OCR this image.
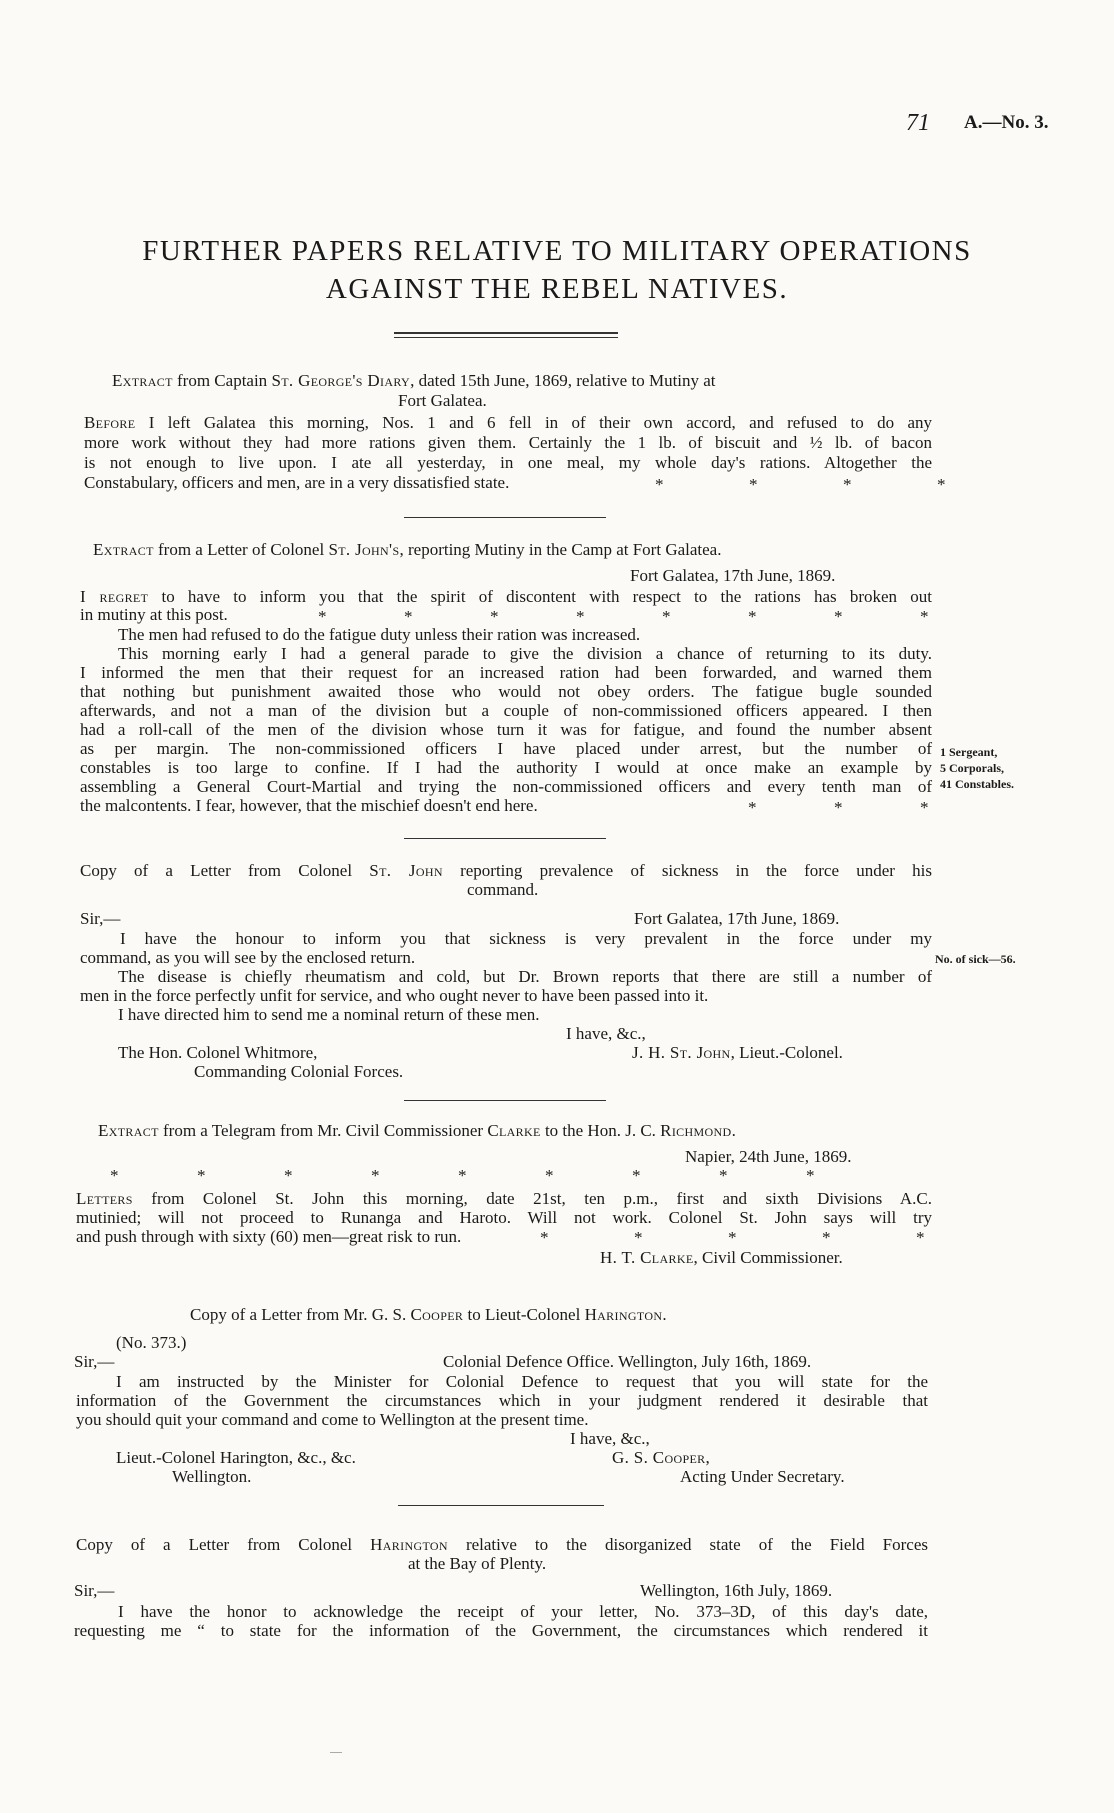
71 A.—No. 3.
FURTHER PAPERS RELATIVE TO MILITARY OPERATIONS
AGAINST THE REBEL NATIVES.
Extract from Captain St. George's Diary, dated 15th June, 1869, relative to Mutiny at
Fort Galatea.
Before I left Galatea this morning, Nos. 1 and 6 fell in of their own accord, and refused to do any
more work without they had more rations given them. Certainly the 1 lb. of biscuit and ½ lb. of bacon
is not enough to live upon. I ate all yesterday, in one meal, my whole day's rations. Altogether the
Constabulary, officers and men, are in a very dissatisfied state.	*	*	*	*
Extract from a Letter of Colonel St. John's, reporting Mutiny in the Camp at Fort Galatea.
Fort Galatea, 17th June, 1869.
I regret to have to inform you that the spirit of discontent with respect to the rations has broken out
in mutiny at this post.	*	*	*	*	*	*	*	*
The men had refused to do the fatigue duty unless their ration was increased.
This morning early I had a general parade to give the division a chance of returning to its duty.
I informed the men that their request for an increased ration had been forwarded, and warned them
that nothing but punishment awaited those who would not obey orders. The fatigue bugle sounded
afterwards, and not a man of the division but a couple of non-commissioned officers appeared. I then
had a roll-call of the men of the division whose turn it was for fatigue, and found the number absent
as per margin. The non-commissioned officers I have placed under arrest, but the number of
constables is too large to confine. If I had the authority I would at once make an example by
assembling a General Court-Martial and trying the non-commissioned officers and every tenth man of
the malcontents. I fear, however, that the mischief doesn't end here.	*	*	*
1 Sergeant,
5 Corporals,
41 Constables.
Copy of a Letter from Colonel St. John reporting prevalence of sickness in the force under his
command.
Sir,—	Fort Galatea, 17th June, 1869.
I have the honour to inform you that sickness is very prevalent in the force under my
command, as you will see by the enclosed return.	No. of sick—56.
The disease is chiefly rheumatism and cold, but Dr. Brown reports that there are still a number of
men in the force perfectly unfit for service, and who ought never to have been passed into it.
I have directed him to send me a nominal return of these men.
I have, &c.,
The Hon. Colonel Whitmore,	J. H. St. John, Lieut.-Colonel.
Commanding Colonial Forces.
Extract from a Telegram from Mr. Civil Commissioner Clarke to the Hon. J. C. Richmond.
Napier, 24th June, 1869.
*	*	*	*	*	*	*	*	*
Letters from Colonel St. John this morning, date 21st, ten p.m., first and sixth Divisions A.C.
mutinied; will not proceed to Runanga and Haroto. Will not work. Colonel St. John says will try
and push through with sixty (60) men—great risk to run.	*	*	*	*	*
H. T. Clarke, Civil Commissioner.
Copy of a Letter from Mr. G. S. Cooper to Lieut-Colonel Harington.
(No. 373.)
Sir,—	Colonial Defence Office. Wellington, July 16th, 1869.
I am instructed by the Minister for Colonial Defence to request that you will state for the
information of the Government the circumstances which in your judgment rendered it desirable that
you should quit your command and come to Wellington at the present time.
I have, &c.,
Lieut.-Colonel Harington, &c., &c.	G. S. Cooper,
Wellington.	Acting Under Secretary.
Copy of a Letter from Colonel Harington relative to the disorganized state of the Field Forces
at the Bay of Plenty.
Sir,—	Wellington, 16th July, 1869.
I have the honor to acknowledge the receipt of your letter, No. 373–3D, of this day's date,
requesting me “ to state for the information of the Government, the circumstances which rendered it
